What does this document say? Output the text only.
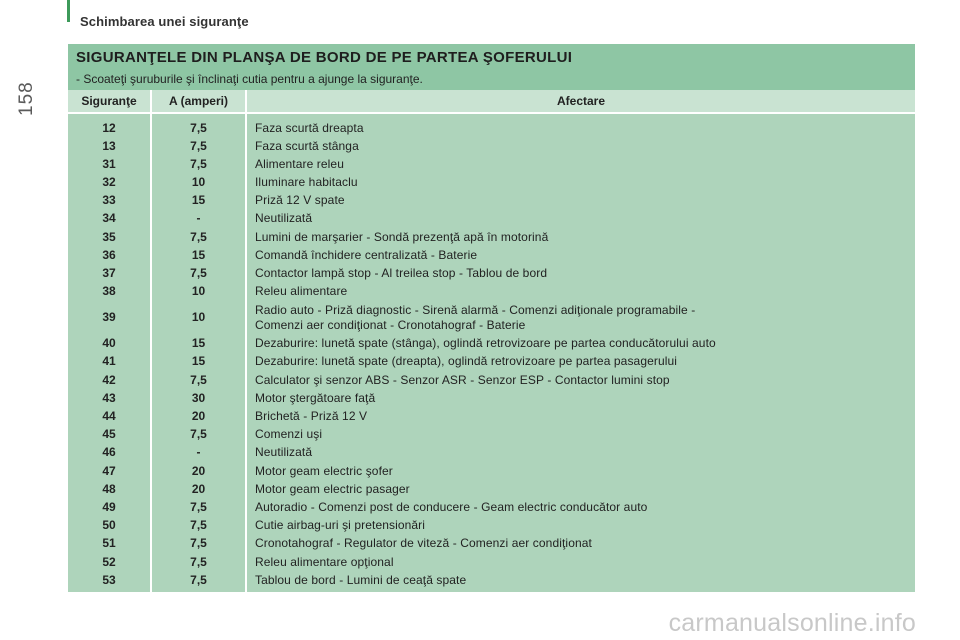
Schimbarea unei siguranţe
158
SIGURANŢELE DIN PLANŞA DE BORD DE PE PARTEA ŞOFERULUI

- Scoateţi şuruburile şi înclinaţi cutia pentru a ajunge la siguranţe.

Siguranţe	A (amperi)	Afectare
12	7,5	Faza scurtă dreapta
13	7,5	Faza scurtă stânga
31	7,5	Alimentare releu
32	10	Iluminare habitaclu
33	15	Priză 12 V spate
34	-	Neutilizată
35	7,5	Lumini de marşarier - Sondă prezenţă apă în motorină
36	15	Comandă închidere centralizată - Baterie
37	7,5	Contactor lampă stop - Al treilea stop - Tablou de bord
38	10	Releu alimentare
39	10	Radio auto - Priză diagnostic - Sirenă alarmă - Comenzi adiţionale programabile -
Comenzi aer condiţionat - Cronotahograf - Baterie

40	15	Dezaburire: lunetă spate (stânga), oglindă retrovizoare pe partea conducătorului auto
41	15	Dezaburire: lunetă spate (dreapta), oglindă retrovizoare pe partea pasagerului
42	7,5	Calculator şi senzor ABS - Senzor ASR - Senzor ESP - Contactor lumini stop
43	30	Motor ştergătoare faţă
44	20	Brichetă - Priză 12 V
45	7,5	Comenzi uşi
46	-	Neutilizată
47	20	Motor geam electric şofer
48	20	Motor geam electric pasager
49	7,5	Autoradio - Comenzi post de conducere - Geam electric conducător auto
50	7,5	Cutie airbag-uri şi pretensionări
51	7,5	Cronotahograf - Regulator de viteză - Comenzi aer condiţionat
52	7,5	Releu alimentare opţional
53	7,5	Tablou de bord - Lumini de ceaţă spate
carmanualsonline.info
